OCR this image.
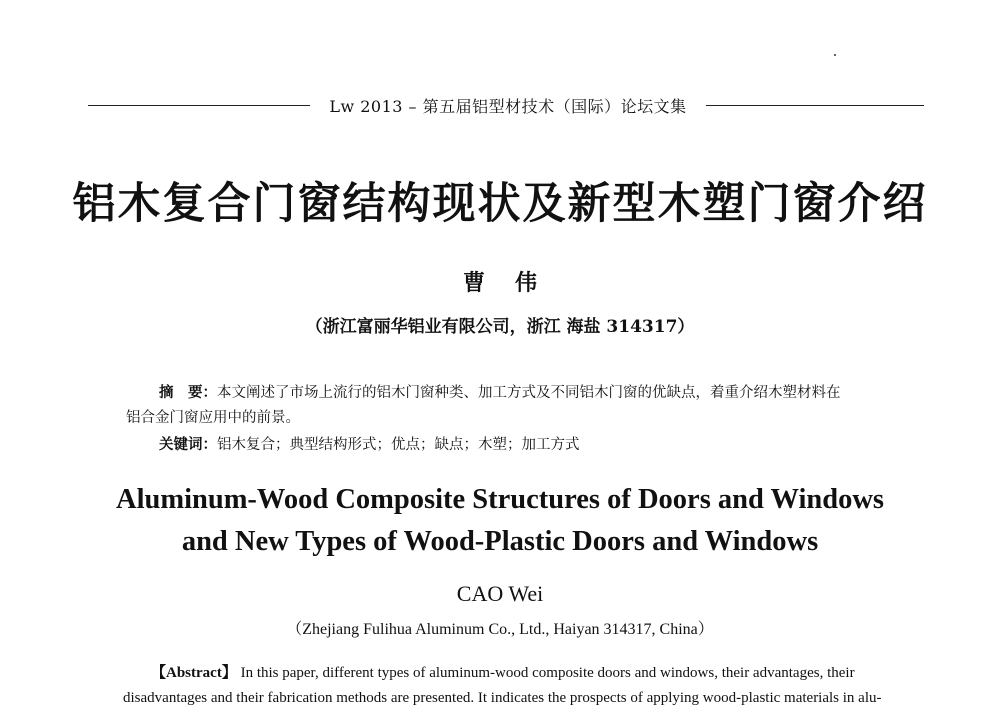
Lw 2013 – 第五届铝型材技术（国际）论坛文集
铝木复合门窗结构现状及新型木塑门窗介绍
曹伟
（浙江富丽华铝业有限公司，浙江 海盐 314317）
摘　要：本文阐述了市场上流行的铝木门窗种类、加工方式及不同铝木门窗的优缺点，着重介绍木塑材料在
铝合金门窗应用中的前景。
关键词：铝木复合；典型结构形式；优点；缺点；木塑；加工方式
Aluminum-Wood Composite Structures of Doors and Windows
and New Types of Wood-Plastic Doors and Windows
CAO Wei
（Zhejiang Fulihua Aluminum Co., Ltd., Haiyan 314317, China）
【Abstract】 In this paper, different types of aluminum-wood composite doors and windows, their advantages, their
disadvantages and their fabrication methods are presented. It indicates the prospects of applying wood-plastic materials in alu-
